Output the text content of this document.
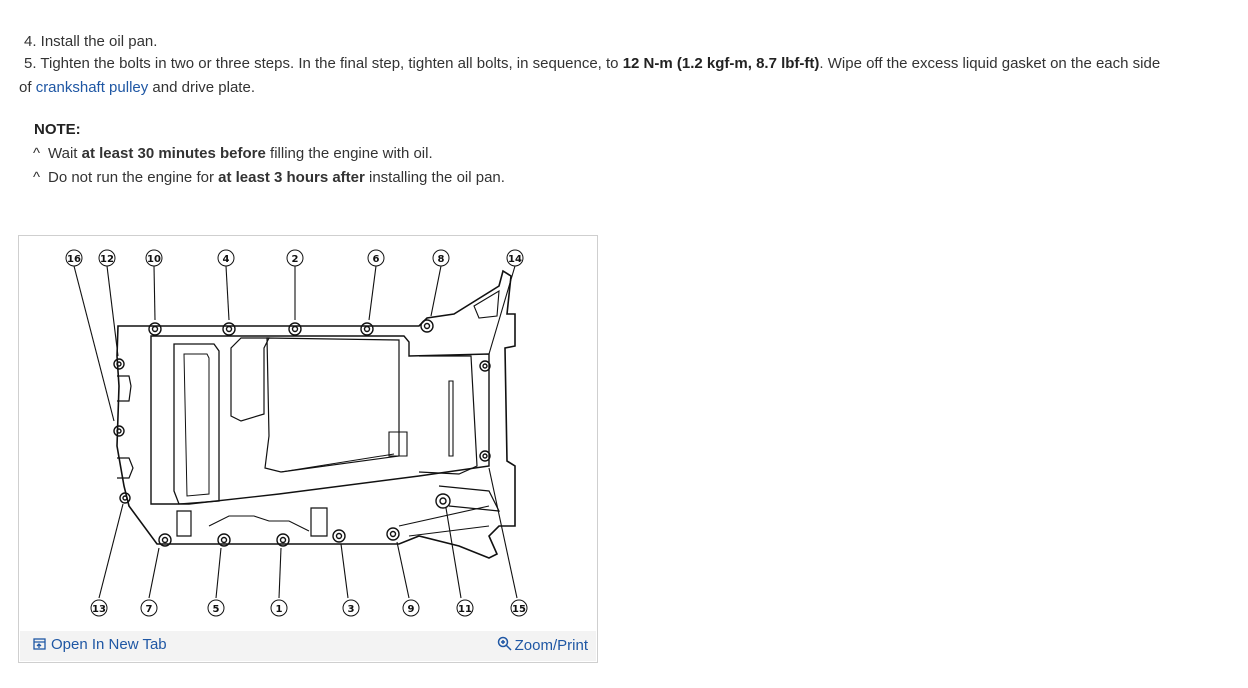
4. Install the oil pan.
5. Tighten the bolts in two or three steps. In the final step, tighten all bolts, in sequence, to 12 N-m (1.2 kgf-m, 8.7 lbf-ft). Wipe off the excess liquid gasket on the each side
of crankshaft pulley and drive plate.
NOTE:
^ Wait at least 30 minutes before filling the engine with oil.
^ Do not run the engine for at least 3 hours after installing the oil pan.
16 12	10	4	2	6	8	14
13	7	5	1	3	9	11	15
Open In New Tab	Zoom/Print
